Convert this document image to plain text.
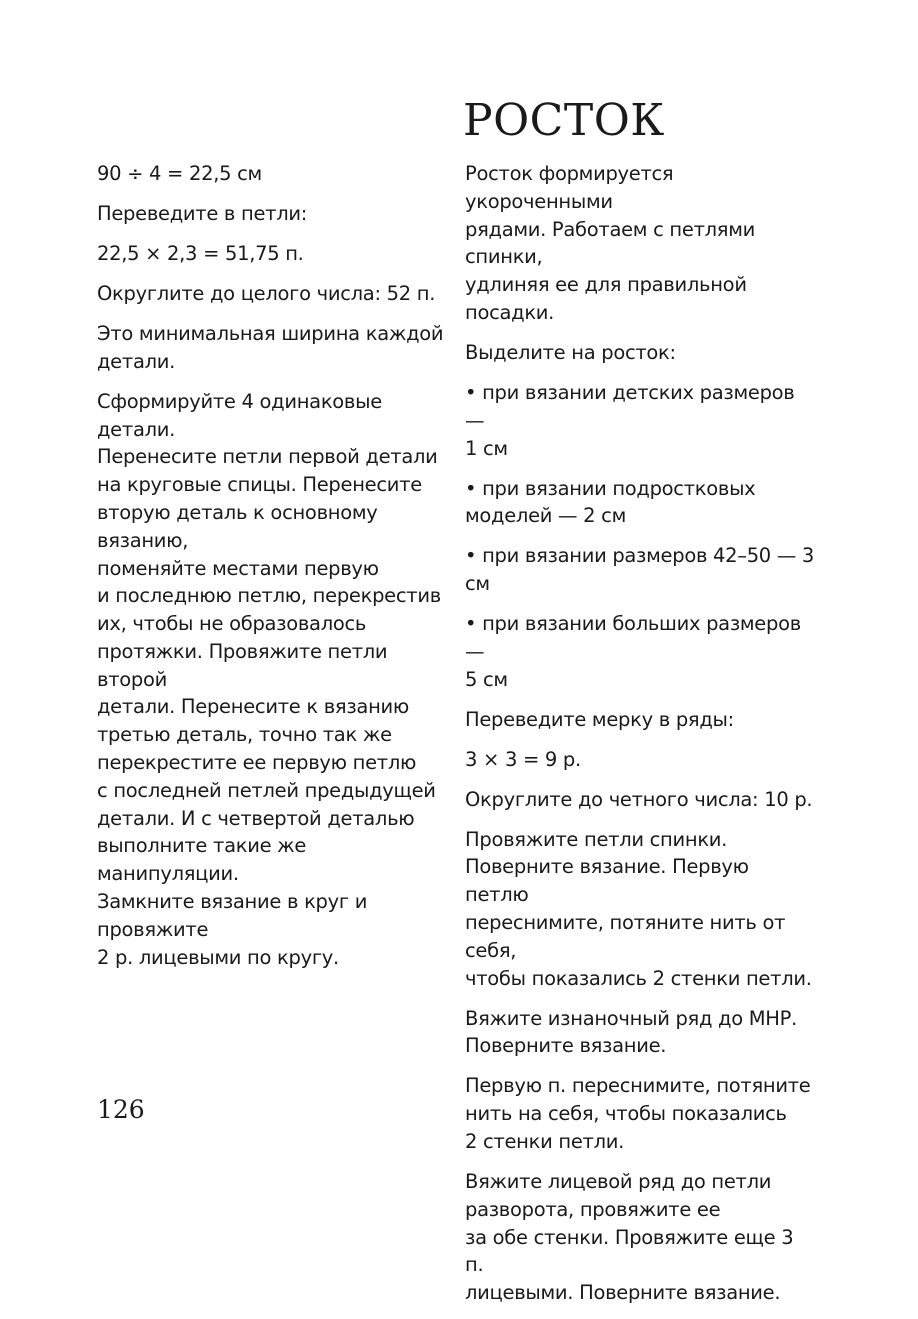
РОСТОК

90 ÷ 4 = 22,5 см

Переведите в петли:

22,5 × 2,3 = 51,75 п.

Округлите до целого числа: 52 п.

Это минимальная ширина каждой
детали.

Сформируйте 4 одинаковые детали.
Перенесите петли первой детали
на круговые спицы. Перенесите
вторую деталь к основному вязанию,
поменяйте местами первую
и последнюю петлю, перекрестив
их, чтобы не образовалось
протяжки. Провяжите петли второй
детали. Перенесите к вязанию
третью деталь, точно так же
перекрестите ее первую петлю
с последней петлей предыдущей
детали. И с четвертой деталью
выполните такие же манипуляции.
Замкните вязание в круг и провяжите
2 р. лицевыми по кругу.

Росток формируется укороченными
рядами. Работаем с петлями спинки,
удлиняя ее для правильной посадки.

Выделите на росток:

• при вязании детских размеров —
1 см

• при вязании подростковых
моделей — 2 см

• при вязании размеров 42–50 — 3 см

• при вязании больших размеров —
5 см

Переведите мерку в ряды:

3 × 3 = 9 р.

Округлите до четного числа: 10 р.

Провяжите петли спинки.
Поверните вязание. Первую петлю
переснимите, потяните нить от себя,
чтобы показались 2 стенки петли.

Вяжите изнаночный ряд до МНР.
Поверните вязание.

Первую п. переснимите, потяните
нить на себя, чтобы показались
2 стенки петли.

Вяжите лицевой ряд до петли
разворота, провяжите ее
за обе стенки. Провяжите еще 3 п.
лицевыми. Поверните вязание.

126
